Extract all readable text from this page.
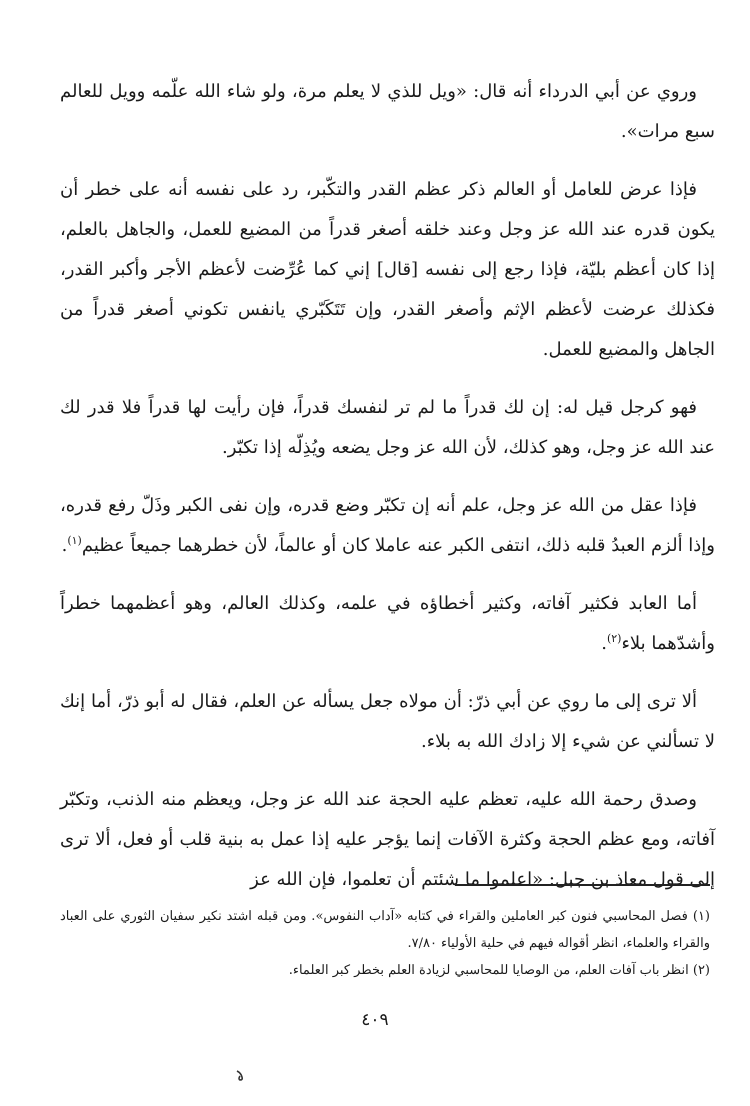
وروي عن أبي الدرداء أنه قال: «ويل للذي لا يعلم مرة، ولو شاء الله علّمه وويل للعالم سبع مرات».

فإذا عرض للعامل أو العالم ذكر عظم القدر والتكّبر، رد على نفسه أنه على خطر أن يكون قدره عند الله عز وجل وعند خلقه أصغر قدراً من المضيع للعمل، والجاهل بالعلم، إذا كان أعظم بليّة، فإذا رجع إلى نفسه [قال] إني كما عُرِّضت لأعظم الأجر وأكبر القدر، فكذلك عرضت لأعظم الإثم وأصغر القدر، وإن تَتَكَبّري يانفس تكوني أصغر قدراً من الجاهل والمضيع للعمل.

فهو كرجل قيل له: إن لك قدراً ما لم تر لنفسك قدراً، فإن رأيت لها قدراً فلا قدر لك عند الله عز وجل، وهو كذلك، لأن الله عز وجل يضعه ويُذِلّه إذا تكبّر.

فإذا عقل من الله عز وجل، علم أنه إن تكبّر وضع قدره، وإن نفى الكبر وذَلّ رفع قدره، وإذا ألزم العبدُ قلبه ذلك، انتفى الكبر عنه عاملا كان أو عالماً، لأن خطرهما جميعاً عظيم$^{(١)}$.

أما العابد فكثير آفاته، وكثير أخطاؤه في علمه، وكذلك العالم، وهو أعظمهما خطراً وأشدّهما بلاء$^{(٢)}$.

ألا ترى إلى ما روي عن أبي ذرّ: أن مولاه جعل يسأله عن العلم، فقال له أبو ذرّ، أما إنك لا تسألني عن شيء إلا زادك الله به بلاء.

وصدق رحمة الله عليه، تعظم عليه الحجة عند الله عز وجل، ويعظم منه الذنب، وتكبّر آفاته، ومع عظم الحجة وكثرة الآفات إنما يؤجر عليه إذا عمل به بنية قلب أو فعل، ألا ترى إلى قول معاذ بن جبل: «اعلموا ما شئتم أن تعلموا، فإن الله عز

(١) فصل المحاسبي فنون كبر العاملين والقراء في كتابه «آداب النفوس». ومن قبله اشتد نكير سفيان الثوري على العباد والقراء والعلماء، انظر أقواله فيهم في حلية الأولياء ٧/٨٠.

(٢) انظر باب آفات العلم، من الوصايا للمحاسبي لزيادة العلم بخطر كبر العلماء.

٤٠٩
